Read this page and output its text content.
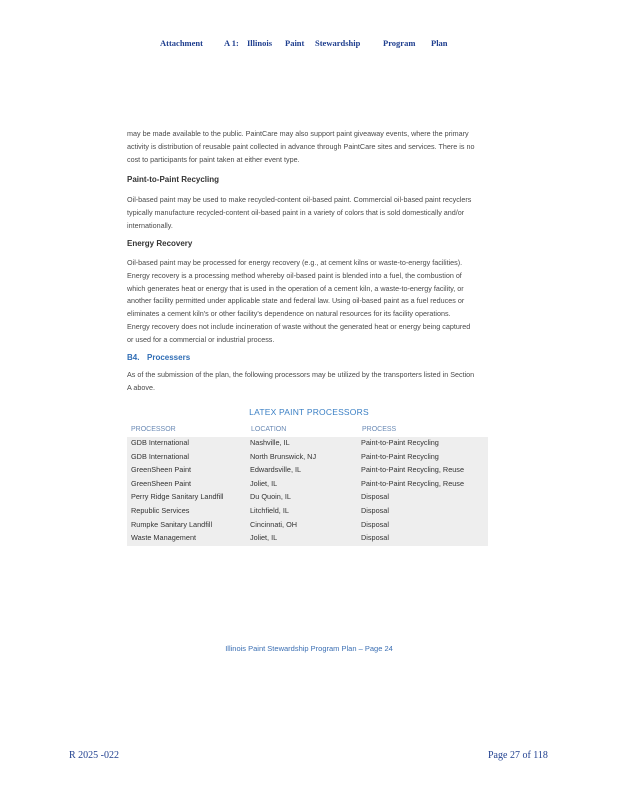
Attachment A 1: Illinois Paint Stewardship	Program Plan

may be made available to the public. PaintCare may also support paint giveaway events, where the primary

activity is distribution of reusable paint collected in advance through PaintCare sites and services. There is no

cost to participants for paint taken at either event type.

Paint-to-Paint Recycling

Oil-based paint may be used to make recycled-content oil-based paint. Commercial oil-based paint recyclers

typically manufacture recycled-content oil-based paint in a variety of colors that is sold domestically and/or

internationally.

Energy Recovery

Oil-based paint may be processed for energy recovery (e.g., at cement kilns or waste-to-energy facilities).

Energy recovery is a processing method whereby oil-based paint is blended into a fuel, the combustion of

which generates heat or energy that is used in the operation of a cement kiln, a waste-to-energy facility, or

another facility permitted under applicable state and federal law. Using oil-based paint as a fuel reduces or

eliminates a cement kiln's or other facility's dependence on natural resources for its facility operations.

Energy recovery does not include incineration of waste without the generated heat or energy being captured

or used for a commercial or industrial process.

B4. Processers

As of the submission of the plan, the following processors may be utilized by the transporters listed in Section

A above.

LATEX PAINT PROCESSORS
PROCESSOR	LOCATION	PROCESS
GDB International	Nashville, IL	Paint-to-Paint Recycling
GDB International	North Brunswick, NJ	Paint-to-Paint Recycling
GreenSheen Paint	Edwardsville, IL	Paint-to-Paint Recycling, Reuse
GreenSheen Paint	Joliet, IL	Paint-to-Paint Recycling, Reuse
Perry Ridge Sanitary Landfill	Du Quoin, IL	Disposal
Republic Services	Litchfield, IL	Disposal
Rumpke Sanitary Landfill	Cincinnati, OH	Disposal
Waste Management	Joliet, IL	Disposal
Illinois Paint Stewardship Program Plan – Page 24
R 2025 -022	Page 27 of 118
